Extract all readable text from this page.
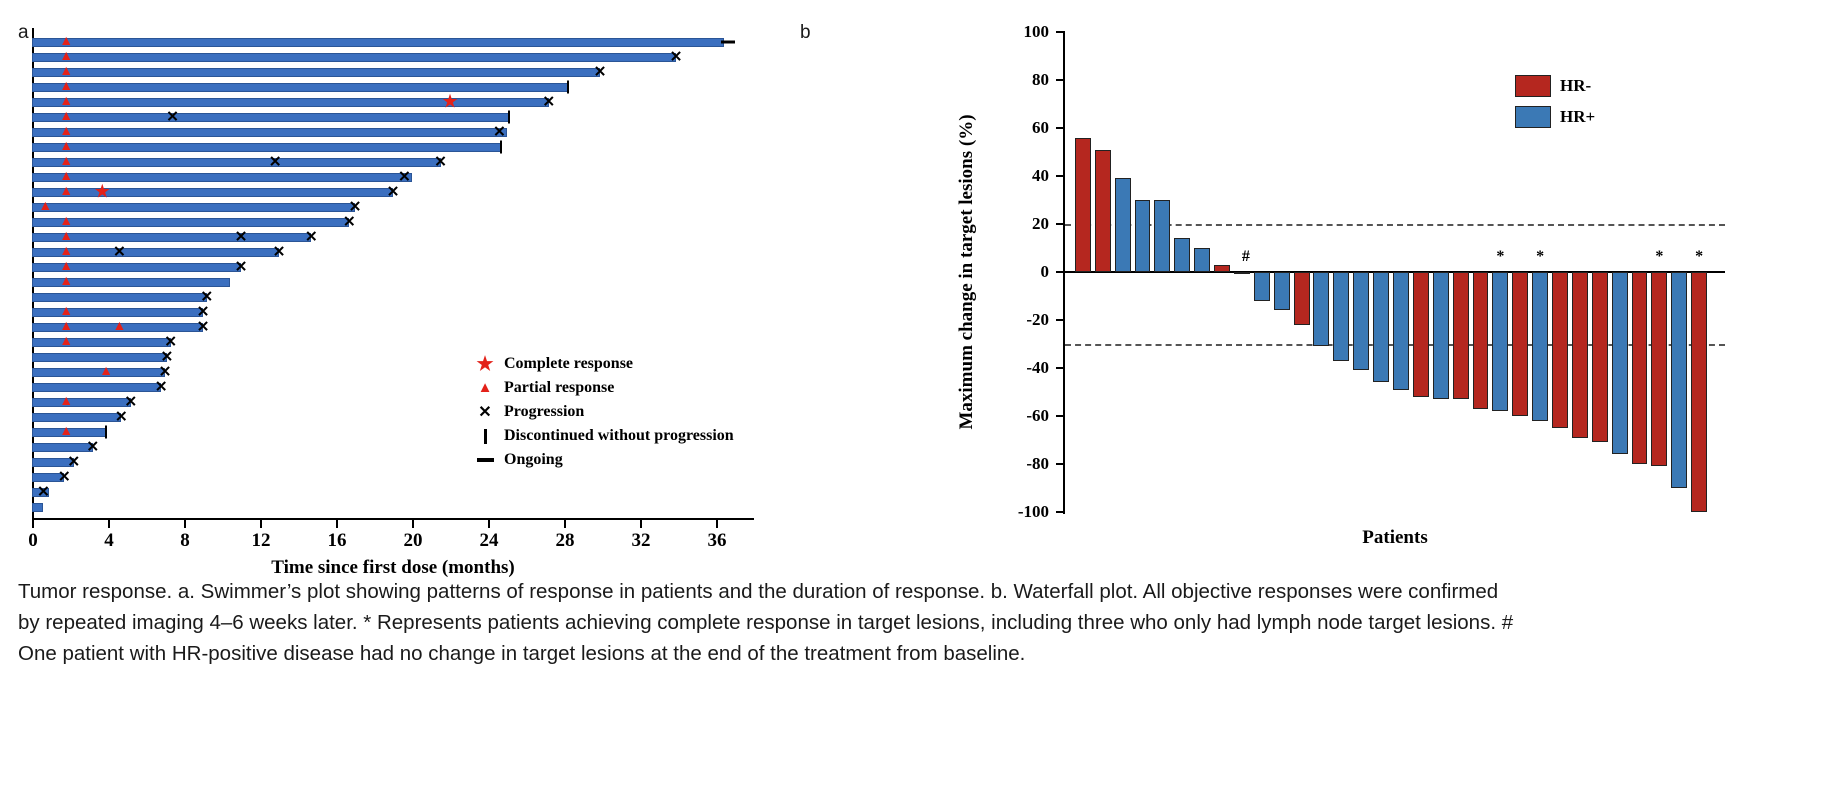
a
0	4	8	12	16	20	24	28	32	36
Time since first dose (months)
★ Complete response
▲ Partial response
✕ Progression
Discontinued without progression
Ongoing
▲
▲	✕
▲	✕
▲
▲	★	✕
▲	✕
▲	✕
▲
▲	✕	✕
▲	✕
▲ ★	✕
▲	✕
▲	✕
▲	✕	✕
▲	✕	✕
▲	✕
▲
✕
▲	✕
▲	▲	✕
▲	✕
✕
▲	✕
✕
▲	✕
✕
▲
✕
✕
✕
✕
b
Maximum change in target lesions (%)
Patients
HR-
HR+
-100
-80
-60
-40
-20
0
20
40
60
80
100
#	* *	* *
Tumor response. a. Swimmer’s plot showing patterns of response in patients and the duration of response. b. Waterfall plot. All objective responses were confirmed by repeated imaging 4–6 weeks later. * Represents patients achieving complete response in target lesions, including three who only had lymph node target lesions. # One patient with HR-positive disease had no change in target lesions at the end of the treatment from baseline.
